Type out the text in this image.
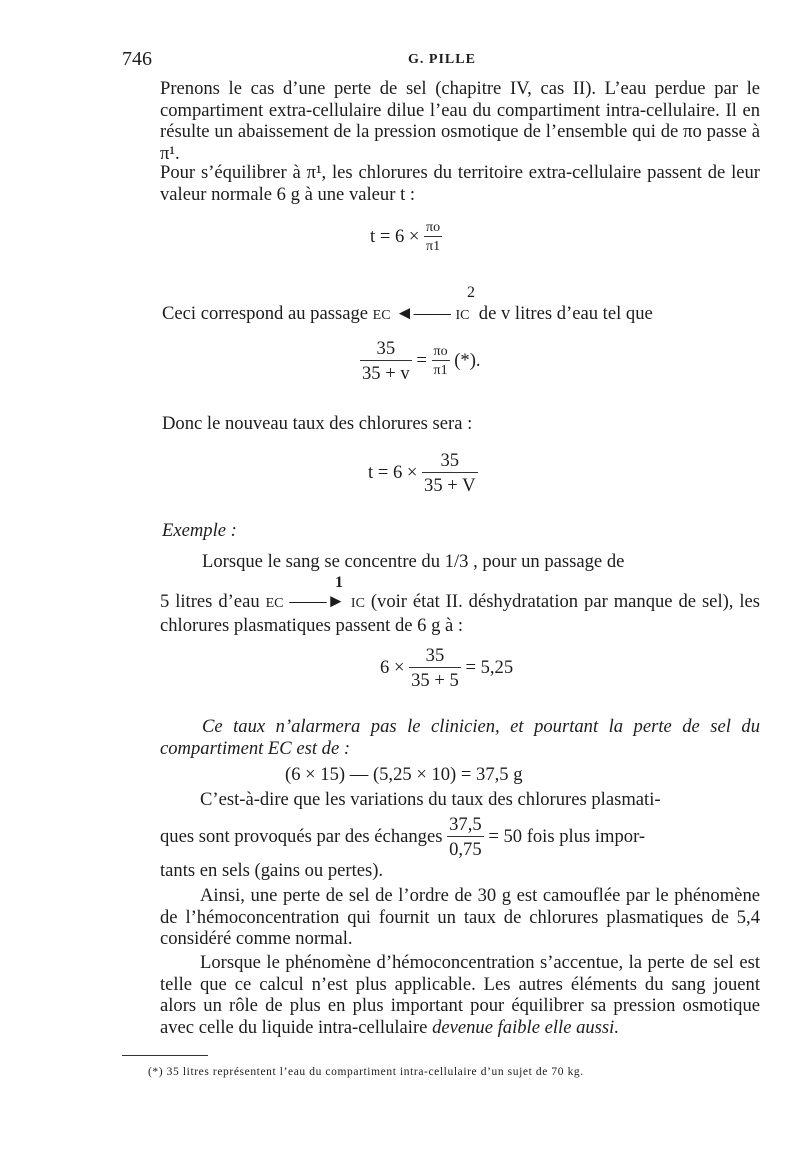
746	G. PILLE
Prenons le cas d’une perte de sel (chapitre IV, cas II). L’eau perdue par le compartiment extra-cellulaire dilue l’eau du compartiment intra-cellulaire. Il en résulte un abaissement de la pression osmotique de l’ensemble qui de πo passe à π¹.
Pour s’équilibrer à π¹, les chlorures du territoire extra-cellulaire passent de leur valeur normale 6 g à une valeur t :
$t = 6 \times \frac{\pi o}{\pi 1}$
2
Ceci correspond au passage EC ◄—— IC de v litres d’eau tel que
$\frac{35}{35 + v} = \frac{\pi o}{\pi 1}$ (*).
Donc le nouveau taux des chlorures sera :
$t = 6 \times \frac{35}{35 + V}$
Exemple :
Lorsque le sang se concentre du 1/3 , pour un passage de
1
5 litres d’eau EC ——► IC (voir état II. déshydratation par manque de sel), les chlorures plasmatiques passent de 6 g à :
$6 \times \frac{35}{35 + 5} = 5,25$
Ce taux n’alarmera pas le clinicien, et pourtant la perte de sel du compartiment EC est de :
(6 × 15) — (5,25 × 10) = 37,5 g
C’est-à-dire que les variations du taux des chlorures plasmati-
ques sont provoqués par des échanges $\frac{37,5}{0,75} = 50$ fois plus impor-
tants en sels (gains ou pertes).
Ainsi, une perte de sel de l’ordre de 30 g est camouflée par le phénomène de l’hémoconcentration qui fournit un taux de chlorures plasmatiques de 5,4 considéré comme normal.
Lorsque le phénomène d’hémoconcentration s’accentue, la perte de sel est telle que ce calcul n’est plus applicable. Les autres éléments du sang jouent alors un rôle de plus en plus important pour équilibrer sa pression osmotique avec celle du liquide intra-cellulaire devenue faible elle aussi.
(*) 35 litres représentent l’eau du compartiment intra-cellulaire d’un sujet de 70 kg.
